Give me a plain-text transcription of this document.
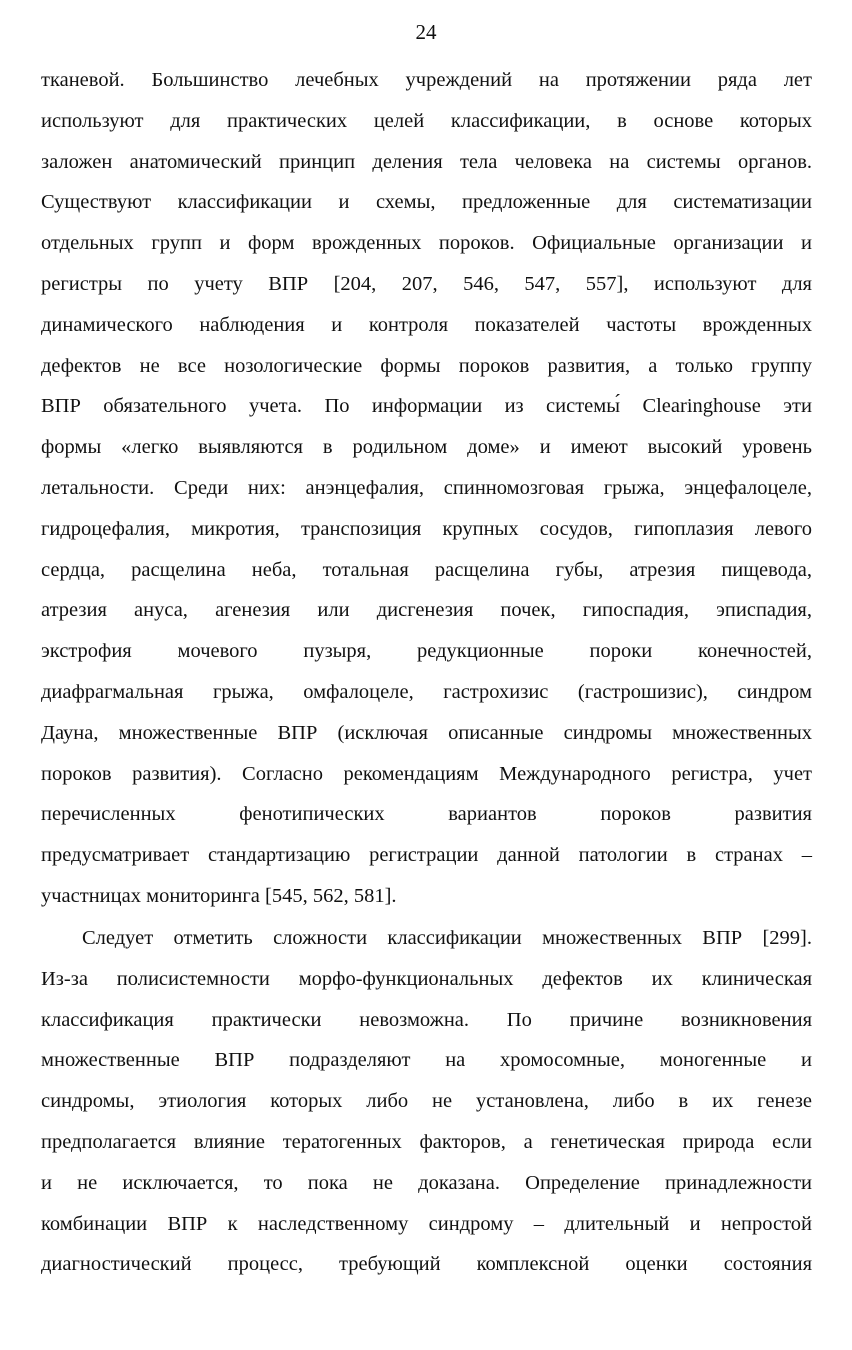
24
тканевой. Большинство лечебных учреждений на протяжении ряда лет
используют для практических целей классификации, в основе которых
заложен анатомический принцип деления тела человека на системы органов.
Существуют классификации и схемы, предложенные для систематизации
отдельных групп и форм врожденных пороков. Официальные организации и
регистры по учету ВПР [204, 207, 546, 547, 557], используют для
динамического наблюдения и контроля показателей частоты врожденных
дефектов не все нозологические формы пороков развития, а только группу
ВПР обязательного учета. По информации из системы́ Clearinghouse эти
формы «легко выявляются в родильном доме» и имеют высокий уровень
летальности. Среди них: анэнцефалия, спинномозговая грыжа, энцефалоцеле,
гидроцефалия, микротия, транспозиция крупных сосудов, гипоплазия левого
сердца, расщелина неба, тотальная расщелина губы, атрезия пищевода,
атрезия ануса, агенезия или дисгенезия почек, гипоспадия, эписпадия,
экстрофия мочевого пузыря, редукционные пороки конечностей,
диафрагмальная грыжа, омфалоцеле, гастрохизис (гастрошизис), синдром
Дауна, множественные ВПР (исключая описанные синдромы множественных
пороков развития). Согласно рекомендациям Международного регистра, учет
перечисленных фенотипических вариантов пороков развития
предусматривает стандартизацию регистрации данной патологии в странах –
участницах мониторинга [545, 562, 581].
Следует отметить сложности классификации множественных ВПР [299].
Из-за полисистемности морфо-функциональных дефектов их клиническая
классификация практически невозможна. По причине возникновения
множественные ВПР подразделяют на хромосомные, моногенные и
синдромы, этиология которых либо не установлена, либо в их генезе
предполагается влияние тератогенных факторов, а генетическая природа если
и не исключается, то пока не доказана. Определение принадлежности
комбинации ВПР к наследственному синдрому – длительный и непростой
диагностический процесс, требующий комплексной оценки состояния
